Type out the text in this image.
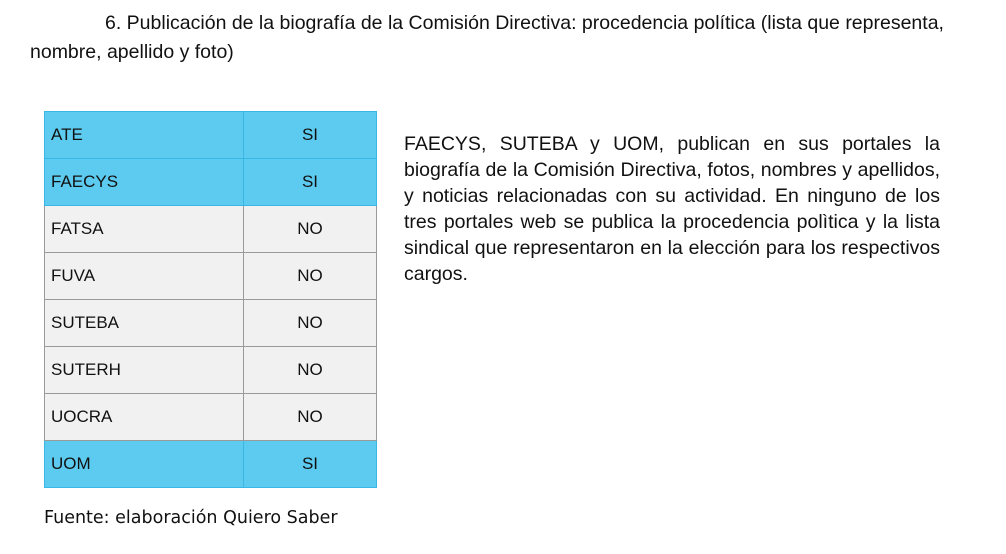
6. Publicación de la biografía de la Comisión Directiva: procedencia política (lista que representa, nombre, apellido y foto)

ATE	SI
FAECYS	SI
FATSA	NO
FUVA	NO
SUTEBA	NO
SUTERH	NO
UOCRA	NO
UOM	SI

FAECYS, SUTEBA y UOM, publican en sus portales la biografía de la Comisión Directiva, fotos, nombres y apellidos, y noticias relacionadas con su actividad. En ninguno de los tres portales web se publica la procedencia polìtica y la lista sindical que representaron en la elección para los respectivos cargos.

Fuente: elaboración Quiero Saber
